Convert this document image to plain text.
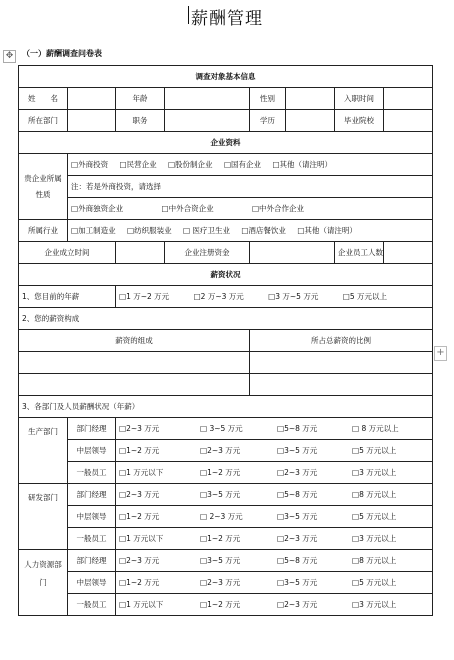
薪酬管理
✥
+
（一）薪酬调查问卷表
调查对象基本信息							
姓　　名		年龄		性别		入职时间	
所在部门		职务		学历		毕业院校	
企业资料							
贵企业所属性质	□外商投资 □民营企业 □股份制企业 □国有企业 □其他（请注明）						
	注：若是外商投资，请选择						
	□外商独资企业 □中外合资企业 □中外合作企业						
所属行业	□加工制造业 □纺织服装业 □ 医疗卫生业 □酒店餐饮业 □其他（请注明）						
企业成立时间			企业注册资金			企业员工人数	
薪资状况							
1、您目前的年薪		□1 万~2 万元 □2 万~3 万元 □3 万~5 万元 □5 万元以上					
2、您的薪资构成							
薪资的组成				所占总薪资的比例			

3、各部门及人员薪酬状况（年薪）							
生产部门	部门经理	□2~3 万元 □ 3~5 万元 □5~8 万元 □ 8 万元以上					
	中层领导	□1~2 万元 □2~3 万元 □3~5 万元 □5 万元以上					
	一般员工	□1 万元以下 □1~2 万元 □2~3 万元 □3 万元以上					
研发部门	部门经理	□2~3 万元 □3~5 万元 □5~8 万元 □8 万元以上					
	中层领导	□1~2 万元 □ 2~3 万元 □3~5 万元 □5 万元以上					
	一般员工	□1 万元以下 □1~2 万元 □2~3 万元 □3 万元以上					
人力资源部门	部门经理	□2~3 万元 □3~5 万元 □5~8 万元 □8 万元以上					
	中层领导	□1~2 万元 □2~3 万元 □3~5 万元 □5 万元以上					
	一般员工	□1 万元以下 □1~2 万元 □2~3 万元 □3 万元以上					
